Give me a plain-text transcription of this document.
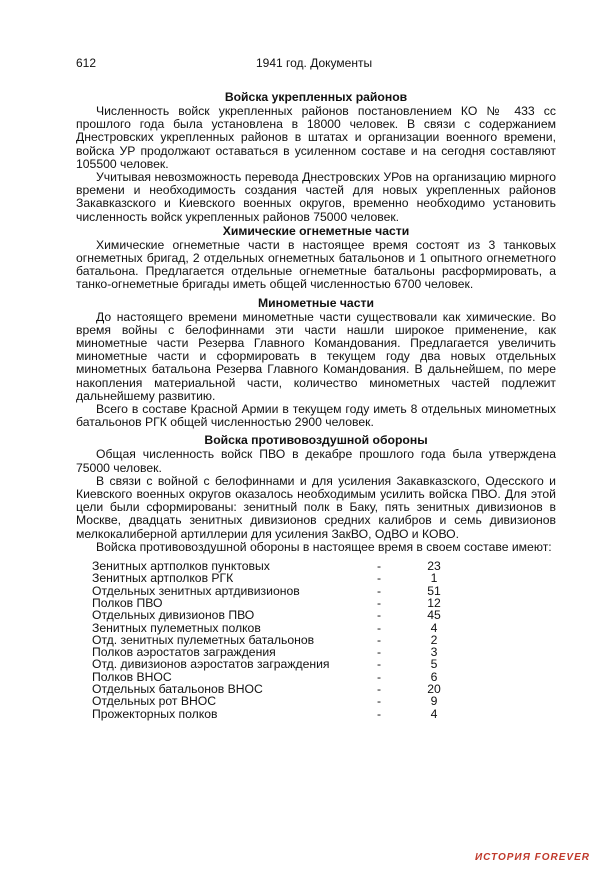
612	1941 год. Документы

Войска укрепленных районов

Численность войск укрепленных районов постановлением КО № 433 сс прошлого года была установлена в 18000 человек. В связи с содержанием Днестровских укрепленных районов в штатах и организации военного времени, войска УР продолжают оставаться в усиленном составе и на сегодня составляют 105500 человек.

Учитывая невозможность перевода Днестровских УРов на организацию мирного времени и необходимость создания частей для новых укрепленных районов Закавказского и Киевского военных округов, временно необходимо установить численность войск укрепленных районов 75000 человек.

Химические огнеметные части

Химические огнеметные части в настоящее время состоят из 3 танковых огнеметных бригад, 2 отдельных огнеметных батальонов и 1 опытного огнеметного батальона. Предлагается отдельные огнеметные батальоны расформировать, а танко-огнеметные бригады иметь общей численностью 6700 человек.

Минометные части

До настоящего времени минометные части существовали как химические. Во время войны с белофиннами эти части нашли широкое применение, как минометные части Резерва Главного Командования. Предлагается увеличить минометные части и сформировать в текущем году два новых отдельных минометных батальона Резерва Главного Командования. В дальнейшем, по мере накопления материальной части, количество минометных частей подлежит дальнейшему развитию.

Всего в составе Красной Армии в текущем году иметь 8 отдельных минометных батальонов РГК общей численностью 2900 человек.

Войска противовоздушной обороны

Общая численность войск ПВО в декабре прошлого года была утверждена 75000 человек.

В связи с войной с белофиннами и для усиления Закавказского, Одесского и Киевского военных округов оказалось необходимым усилить войска ПВО. Для этой цели были сформированы: зенитный полк в Баку, пять зенитных дивизионов в Москве, двадцать зенитных дивизионов средних калибров и семь дивизионов мелкокалиберной артиллерии для усиления ЗакВО, ОдВО и КОВО.

Войска противовоздушной обороны в настоящее время в своем составе имеют:

Зенитных артполков пунктовых	-	23
Зенитных артполков РГК	-	1
Отдельных зенитных артдивизионов	-	51
Полков ПВО	-	12
Отдельных дивизионов ПВО	-	45
Зенитных пулеметных полков	-	4
Отд. зенитных пулеметных батальонов	-	2
Полков аэростатов заграждения	-	3
Отд. дивизионов аэростатов заграждения	-	5
Полков ВНОС	-	6
Отдельных батальонов ВНОС	-	20
Отдельных рот ВНОС	-	9
Прожекторных полков	-	4
ИСТОРИЯ FOREVER
